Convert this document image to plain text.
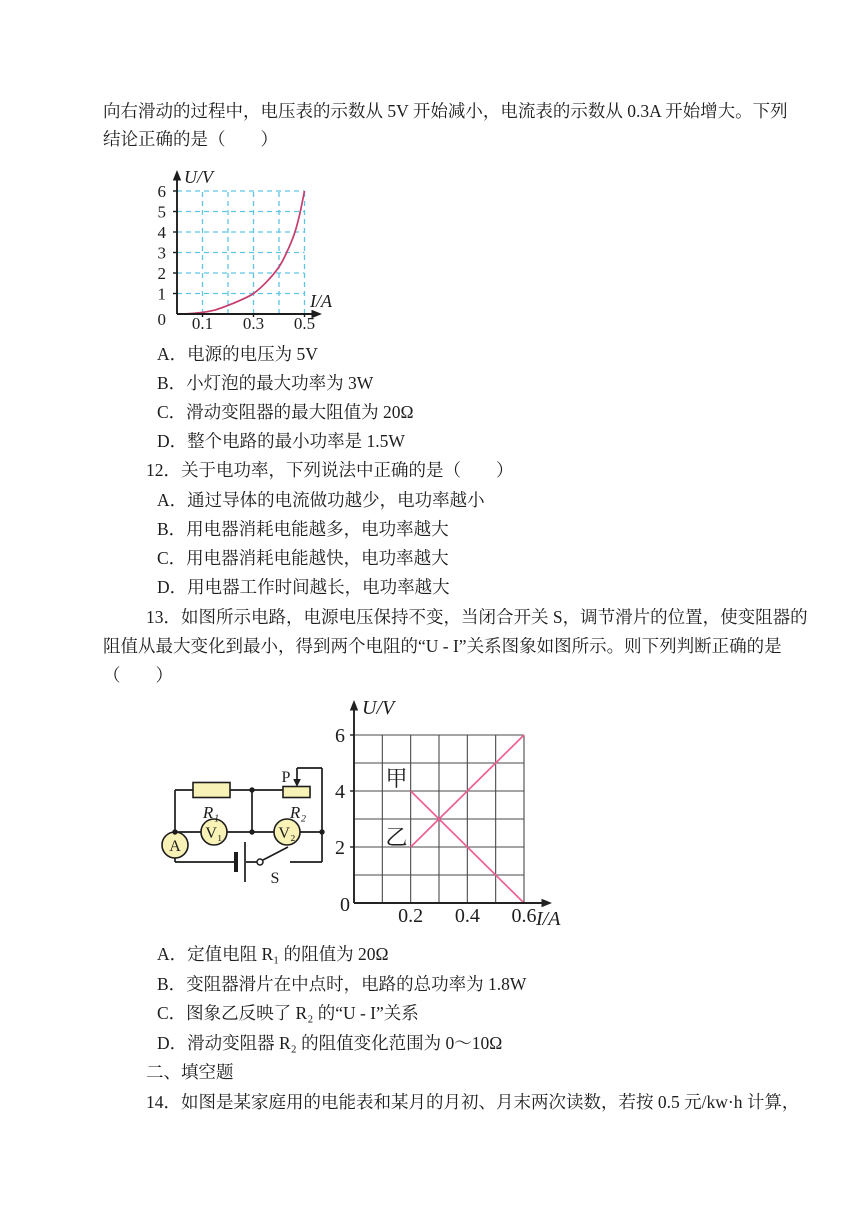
向右滑动的过程中，电压表的示数从 5V 开始减小，电流表的示数从 0.3A 开始增大。下列
结论正确的是（　　）
1
2
3
4
5
6
0.1 0.3 0.5
0
U/V
I/A
A．电源的电压为 5V
B．小灯泡的最大功率为 3W
C．滑动变阻器的最大阻值为 20Ω
D．整个电路的最小功率是 1.5W
12．关于电功率，下列说法中正确的是（　　）
A．通过导体的电流做功越少，电功率越小
B．用电器消耗电能越多，电功率越大
C．用电器消耗电能越快，电功率越大
D．用电器工作时间越长，电功率越大
13．如图所示电路，电源电压保持不变，当闭合开关 S，调节滑片的位置，使变阻器的
阻值从最大变化到最小，得到两个电阻的“U - I”关系图象如图所示。则下列判断正确的是
（　　）
R₁	R₂
A
V₁	V₂
P
S
2
4
6
0.2 0.4 0.6
0
U/V
I/A
甲
乙
A．定值电阻 R₁ 的阻值为 20Ω
B．变阻器滑片在中点时，电路的总功率为 1.8W
C．图象乙反映了 R₂ 的“U - I”关系
D．滑动变阻器 R₂ 的阻值变化范围为 0～10Ω
二、填空题
14．如图是某家庭用的电能表和某月的月初、月末两次读数，若按 0.5 元/kw·h 计算，
